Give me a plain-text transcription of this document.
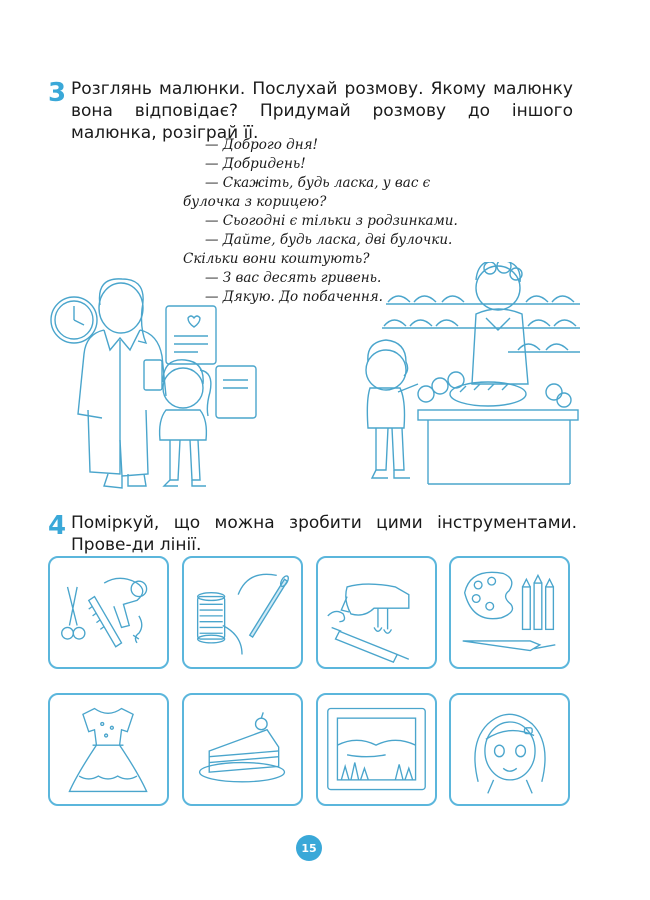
3 Розглянь малюнки. Послухай розмову. Якому малюнку вона відповідає? Придумай розмову до іншого малюнка, розіграй її.
— Доброго дня!
— Добридень!
— Скажіть, будь ласка, у вас є
булочка з корицею?
— Сьогодні є тільки з родзинками.
— Дайте, будь ласка, дві булочки.
Скільки вони коштують?
— З вас десять гривень.
— Дякую. До побачення.
4 Поміркуй, що можна зробити цими інструментами. Прове-ди лінії.
15
